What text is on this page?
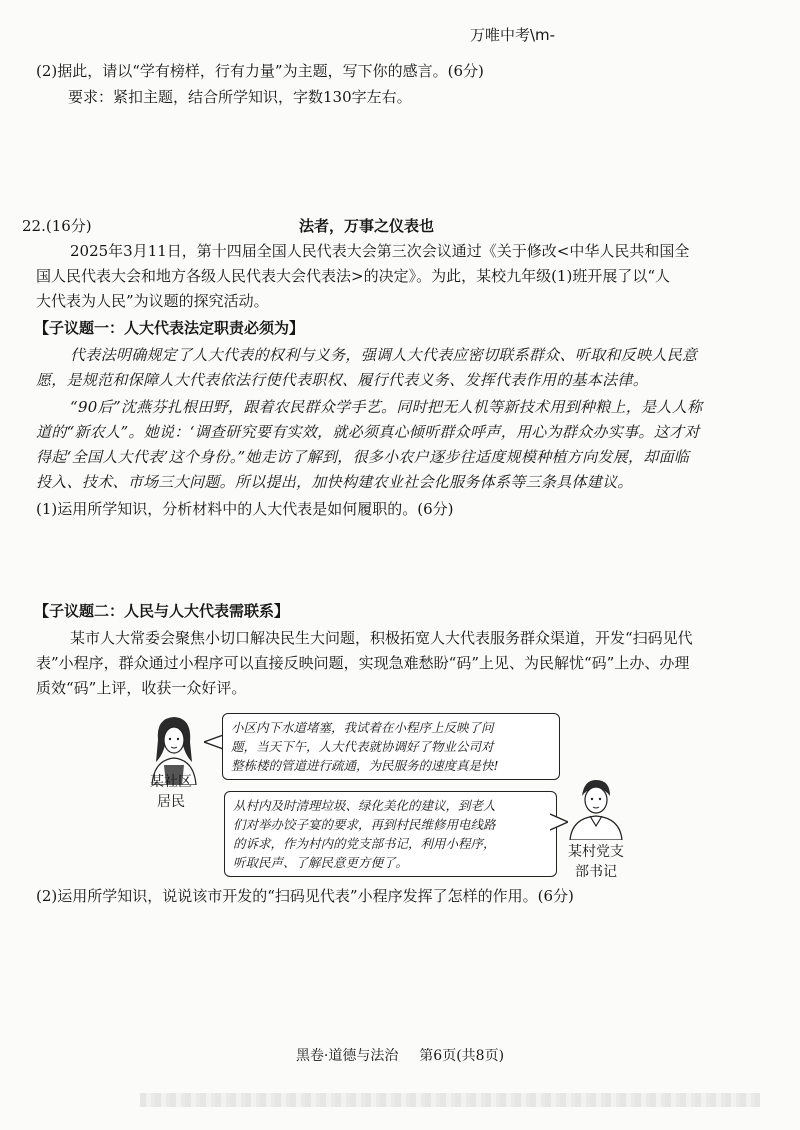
万唯中考\m-
(2)据此，请以“学有榜样，行有力量”为主题，写下你的感言。(6分)
要求：紧扣主题，结合所学知识，字数130字左右。
22.(16分)	法者，万事之仪表也
2025年3月11日，第十四届全国人民代表大会第三次会议通过《关于修改<中华人民共和国全
国人民代表大会和地方各级人民代表大会代表法>的决定》。为此，某校九年级(1)班开展了以“人
大代表为人民”为议题的探究活动。
【子议题一：人大代表法定职责必须为】
代表法明确规定了人大代表的权利与义务，强调人大代表应密切联系群众、听取和反映人民意
愿，是规范和保障人大代表依法行使代表职权、履行代表义务、发挥代表作用的基本法律。
“90后”沈燕芬扎根田野，跟着农民群众学手艺。同时把无人机等新技术用到种粮上，是人人称
道的“新农人”。她说：‘调查研究要有实效，就必须真心倾听群众呼声，用心为群众办实事。这才对
得起‘全国人大代表’这个身份。”她走访了解到，很多小农户逐步往适度规模种植方向发展，却面临
投入、技术、市场三大问题。所以提出，加快构建农业社会化服务体系等三条具体建议。
(1)运用所学知识，分析材料中的人大代表是如何履职的。(6分)
【子议题二：人民与人大代表需联系】
某市人大常委会聚焦小切口解决民生大问题，积极拓宽人大代表服务群众渠道，开发“扫码见代
表”小程序，群众通过小程序可以直接反映问题，实现急难愁盼“码”上见、为民解忧“码”上办、办理
质效“码”上评，收获一众好评。
某社区
居民
小区内下水道堵塞，我试着在小程序上反映了问
题，当天下午，人大代表就协调好了物业公司对
整栋楼的管道进行疏通，为民服务的速度真是快!
从村内及时清理垃圾、绿化美化的建议，到老人
们对举办饺子宴的要求，再到村民维修用电线路
的诉求，作为村内的党支部书记，利用小程序，
听取民声、了解民意更方便了。
某村党支
部书记
(2)运用所学知识，说说该市开发的“扫码见代表”小程序发挥了怎样的作用。(6分)
黑卷·道德与法治 第6页(共8页)
